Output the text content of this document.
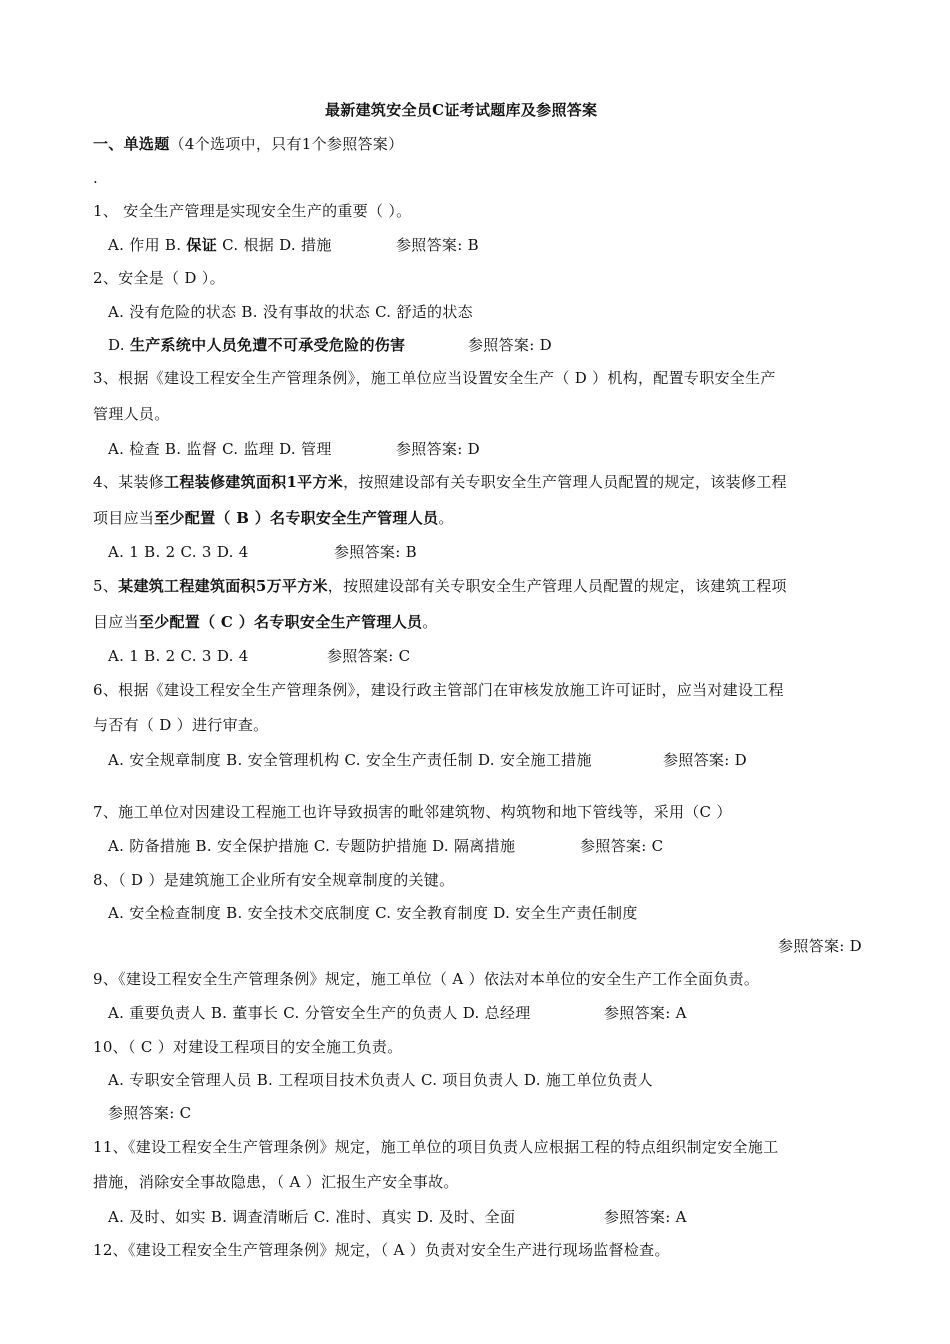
最新建筑安全员C证考试题库及参照答案
一、单选题（4个选项中，只有1个参照答案）
.
1、 安全生产管理是实现安全生产的重要（ ）。
A. 作用 B. 保证 C. 根据 D. 措施	参照答案: B
2、安全是（ D ）。
A. 没有危险的状态 B. 没有事故的状态 C. 舒适的状态
D. 生产系统中人员免遭不可承受危险的伤害	参照答案: D
3、根据《建设工程安全生产管理条例》，施工单位应当设置安全生产（ D ）机构，配置专职安全生产
管理人员。
A. 检查 B. 监督 C. 监理 D. 管理	参照答案: D
4、某装修工程装修建筑面积1平方米，按照建设部有关专职安全生产管理人员配置的规定，该装修工程
项目应当至少配置（ B ）名专职安全生产管理人员。
A. 1 B. 2 C. 3 D. 4	参照答案: B
5、某建筑工程建筑面积5万平方米，按照建设部有关专职安全生产管理人员配置的规定，该建筑工程项
目应当至少配置（ C ）名专职安全生产管理人员。
A. 1 B. 2 C. 3 D. 4	参照答案: C
6、根据《建设工程安全生产管理条例》，建设行政主管部门在审核发放施工许可证时，应当对建设工程
与否有（ D ）进行审查。
A. 安全规章制度 B. 安全管理机构 C. 安全生产责任制 D. 安全施工措施	参照答案: D
7、施工单位对因建设工程施工也许导致损害的毗邻建筑物、构筑物和地下管线等，采用（C ）
A. 防备措施 B. 安全保护措施 C. 专题防护措施 D. 隔离措施	参照答案: C
8、（ D ）是建筑施工企业所有安全规章制度的关键。
A. 安全检查制度 B. 安全技术交底制度 C. 安全教育制度 D. 安全生产责任制度
参照答案: D
9、《建设工程安全生产管理条例》规定，施工单位（ A ）依法对本单位的安全生产工作全面负责。
A. 重要负责人 B. 董事长 C. 分管安全生产的负责人 D. 总经理	参照答案: A
10、（ C ）对建设工程项目的安全施工负责。
A. 专职安全管理人员 B. 工程项目技术负责人 C. 项目负责人 D. 施工单位负责人
参照答案: C
11、《建设工程安全生产管理条例》规定，施工单位的项目负责人应根据工程的特点组织制定安全施工
措施，消除安全事故隐患，（ A ）汇报生产安全事故。
A. 及时、如实 B. 调查清晰后 C. 准时、真实 D. 及时、全面	参照答案: A
12、《建设工程安全生产管理条例》规定，（ A ）负责对安全生产进行现场监督检查。
